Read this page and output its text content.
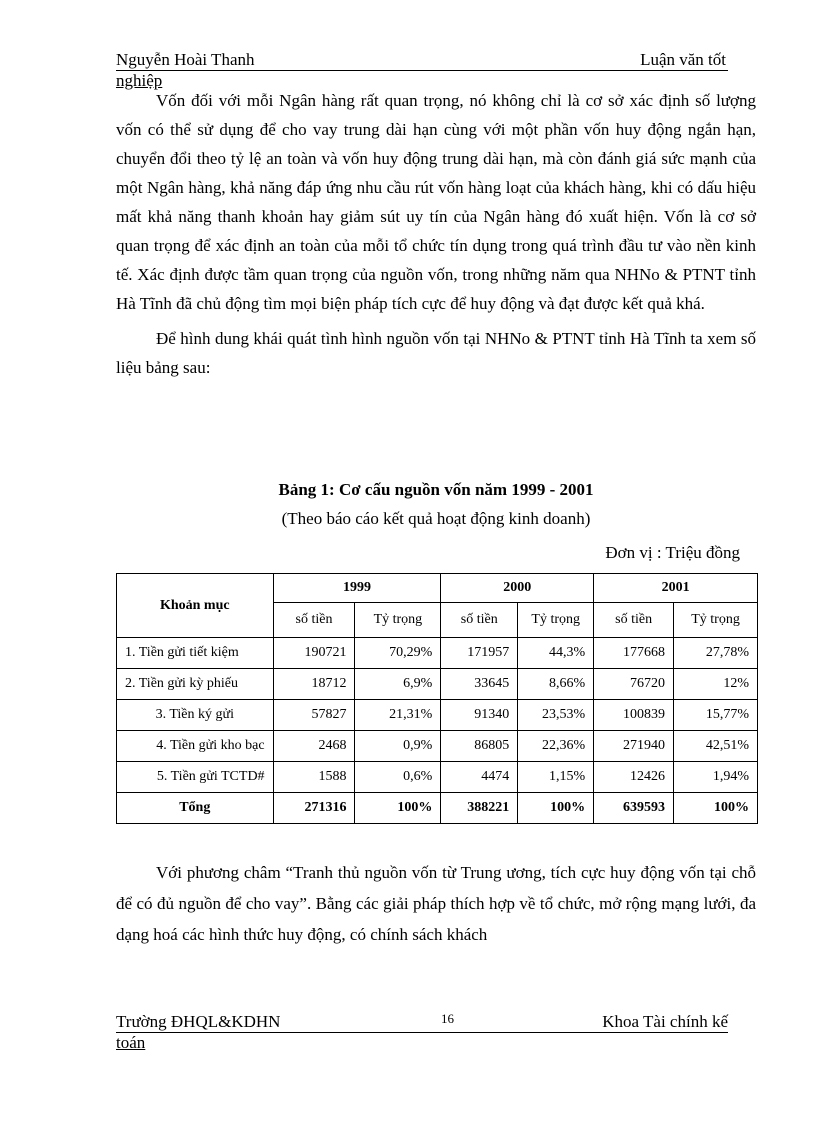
Nguyễn Hoài Thanh	Luận văn tốt
nghiệp

Vốn đối với mỗi Ngân hàng rất quan trọng, nó không chỉ là cơ sở xác định số lượng vốn có thể sử dụng để cho vay trung dài hạn cùng với một phần vốn huy động ngắn hạn, chuyển đổi theo tỷ lệ an toàn và vốn huy động trung dài hạn, mà còn đánh giá sức mạnh của một Ngân hàng, khả năng đáp ứng nhu cầu rút vốn hàng loạt của khách hàng, khi có dấu hiệu mất khả năng thanh khoản hay giảm sút uy tín của Ngân hàng đó xuất hiện. Vốn là cơ sở quan trọng để xác định an toàn của mỗi tổ chức tín dụng trong quá trình đầu tư vào nền kinh tế. Xác định được tầm quan trọng của nguồn vốn, trong những năm qua NHNo & PTNT tỉnh Hà Tĩnh đã chủ động tìm mọi biện pháp tích cực để huy động và đạt được kết quả khá.

Để hình dung khái quát tình hình nguồn vốn tại NHNo & PTNT tỉnh Hà Tĩnh ta xem số liệu bảng sau:

Bảng 1: Cơ cấu nguồn vốn năm 1999 - 2001
(Theo báo cáo kết quả hoạt động kinh doanh)
Đơn vị : Triệu đồng
Khoản mục	1999		2000		2001	
	số tiền	Tỷ trọng	số tiền	Tỷ trọng	số tiền	Tỷ trọng
1. Tiền gửi tiết kiệm	190721	70,29%	171957	44,3%	177668	27,78%
2. Tiền gửi kỳ phiếu	18712	6,9%	33645	8,66%	76720	12%
3. Tiền ký gửi	57827	21,31%	91340	23,53%	100839	15,77%
4. Tiền gửi kho bạc	2468	0,9%	86805	22,36%	271940	42,51%
5. Tiền gửi TCTD#	1588	0,6%	4474	1,15%	12426	1,94%
Tổng	271316	100%	388221	100%	639593	100%

Với phương châm “Tranh thủ nguồn vốn từ Trung ương, tích cực huy động vốn tại chỗ để có đủ nguồn để cho vay”. Bằng các giải pháp thích hợp về tổ chức, mở rộng mạng lưới, đa dạng hoá các hình thức huy động, có chính sách khách

Trường ĐHQL&KDHN	16	Khoa Tài chính kế
toán
